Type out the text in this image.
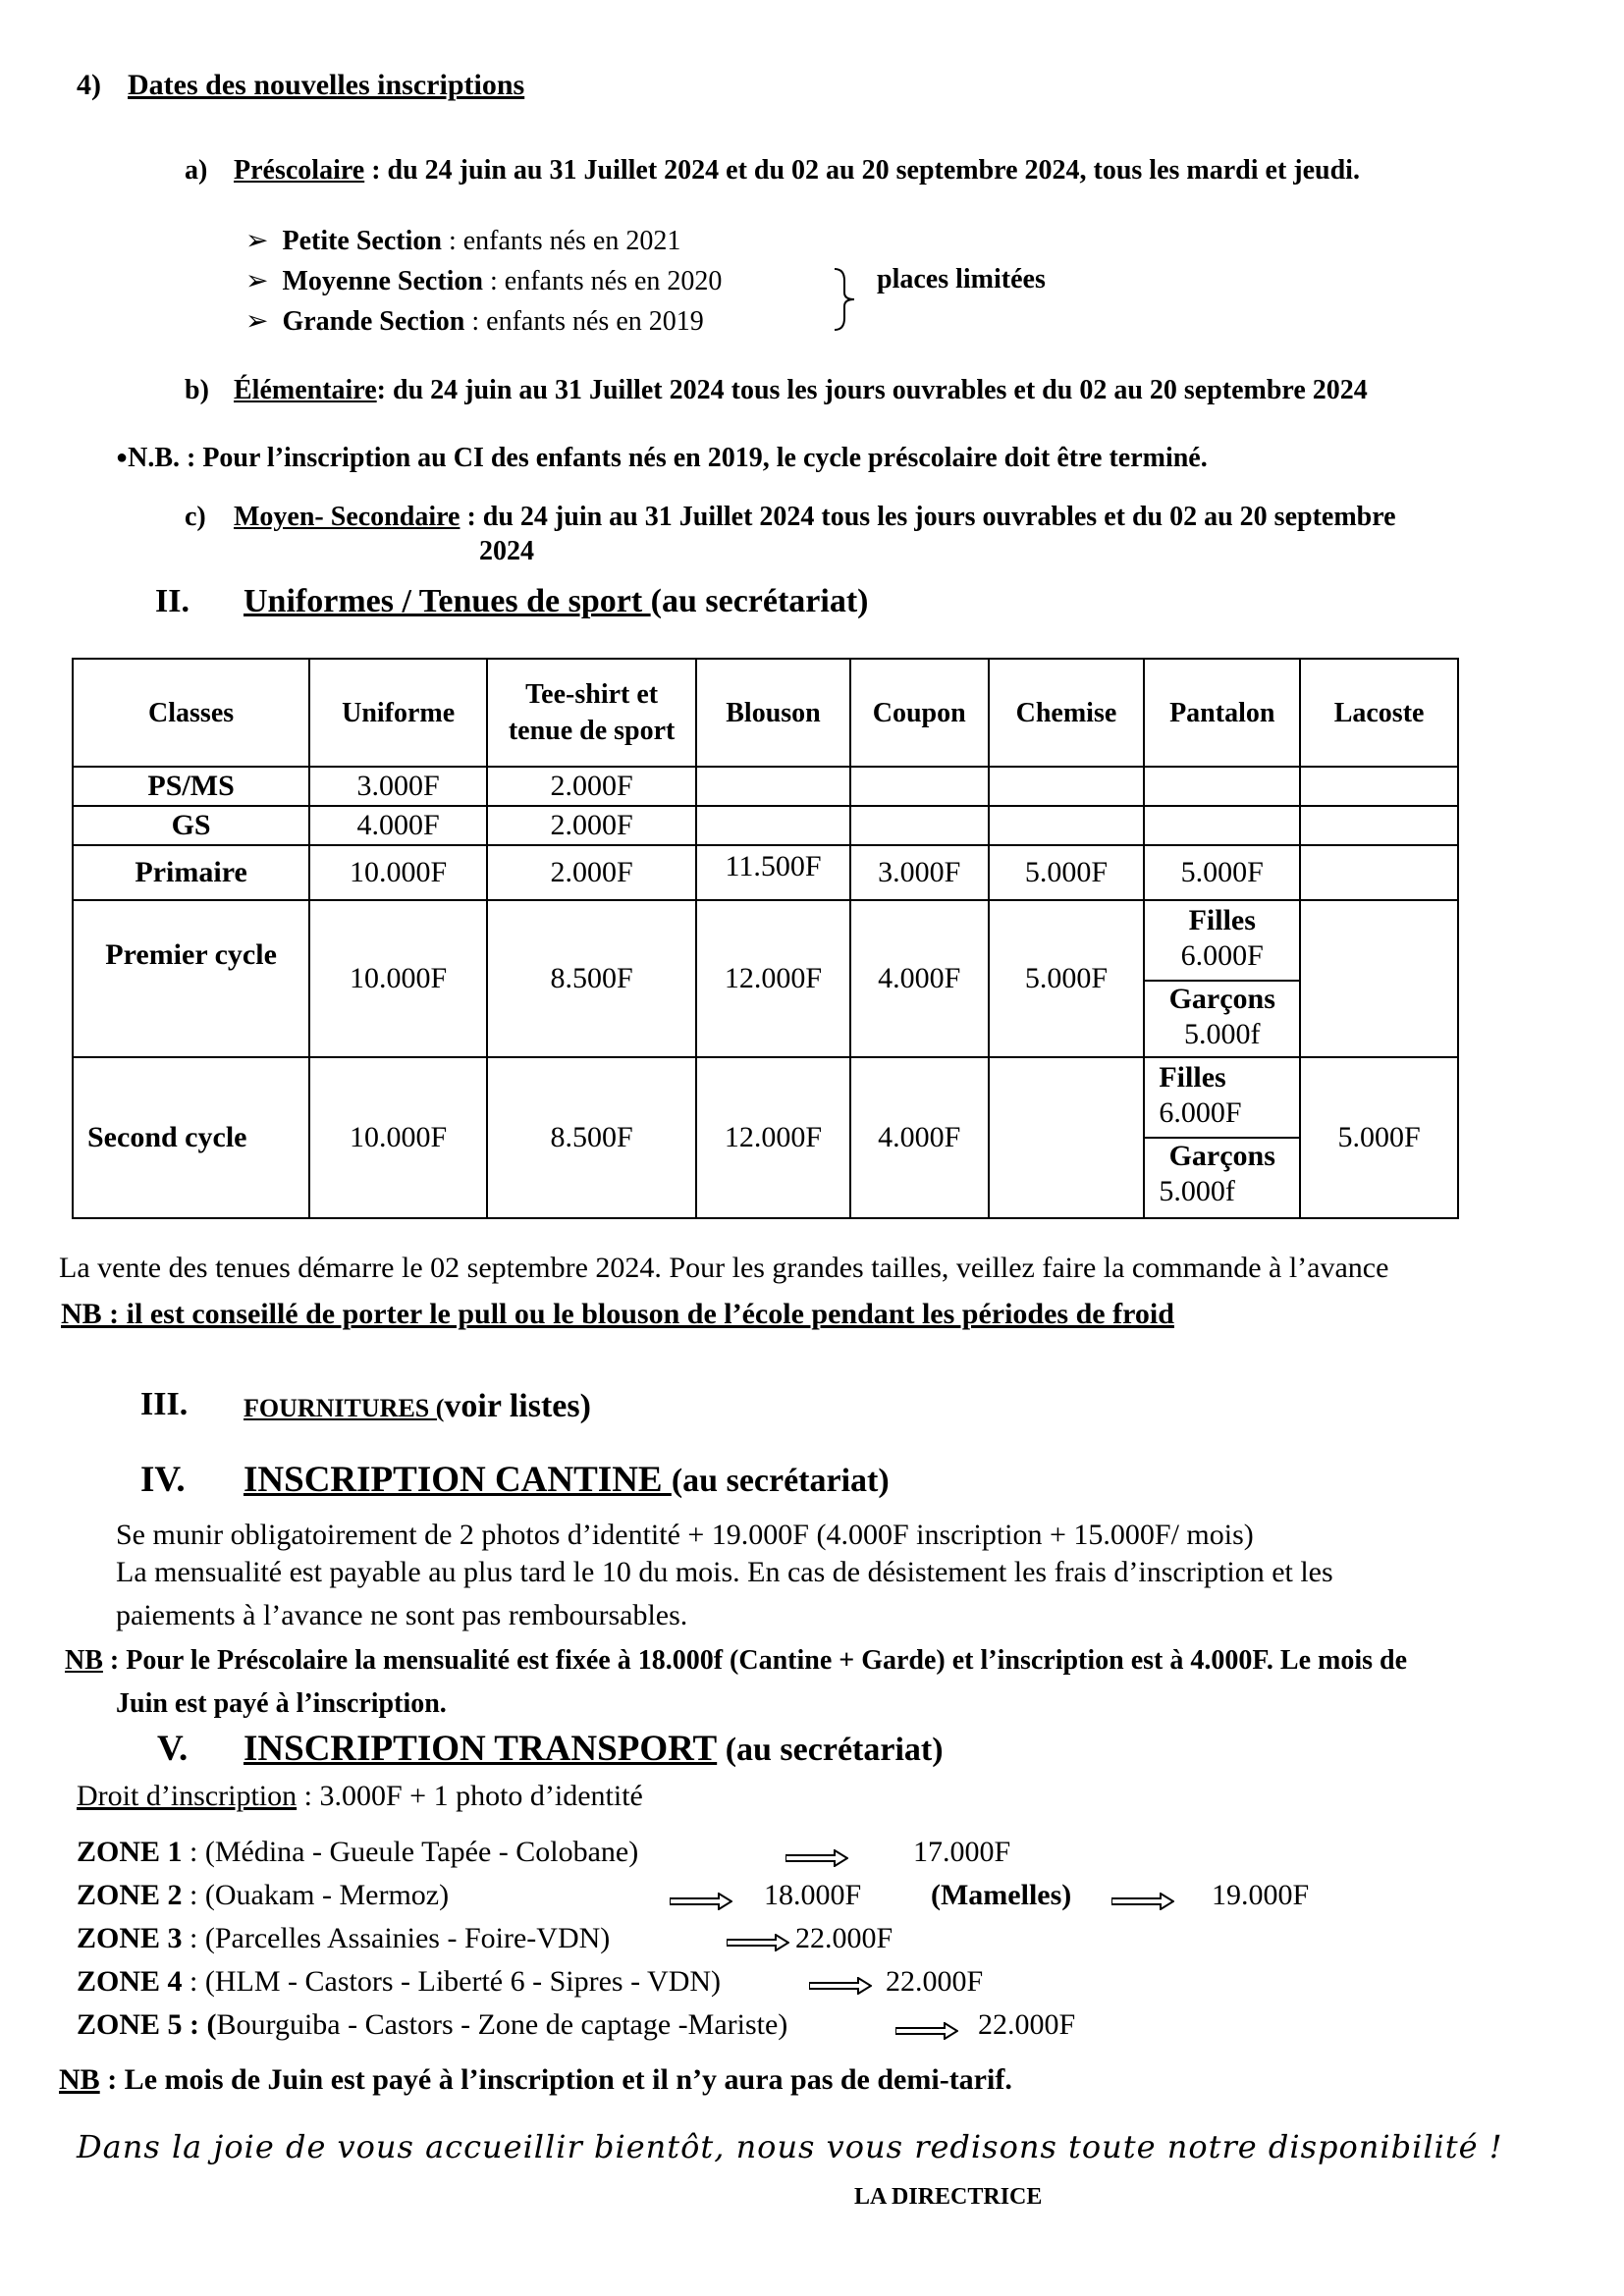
4) Dates des nouvelles inscriptions
a) Préscolaire : du 24 juin au 31 Juillet 2024 et du 02 au 20 septembre 2024, tous les mardi et jeudi.
➢ Petite Section : enfants nés en 2021
➢ Moyenne Section : enfants nés en 2020
➢ Grande Section : enfants nés en 2019
places limitées
b) Élémentaire: du 24 juin au 31 Juillet 2024 tous les jours ouvrables et du 02 au 20 septembre 2024
●N.B. : Pour l’inscription au CI des enfants nés en 2019, le cycle préscolaire doit être terminé.
c) Moyen- Secondaire : du 24 juin au 31 Juillet 2024 tous les jours ouvrables et du 02 au 20 septembre
2024
II. Uniformes / Tenues de sport (au secrétariat)
Classes	Uniforme	Tee-shirt et tenue de sport	Blouson	Coupon	Chemise	Pantalon	Lacoste
PS/MS	3.000F	2.000F					
GS	4.000F	2.000F					
Primaire	10.000F	2.000F	11.500F	3.000F	5.000F	5.000F	
Premier cycle	10.000F	8.500F	12.000F	4.000F	5.000F	Filles
6.000F
Garçons
5.000f	

Second cycle	10.000F	8.500F	12.000F	4.000F		Filles
6.000F
Garçons
5.000f	5.000F
La vente des tenues démarre le 02 septembre 2024. Pour les grandes tailles, veillez faire la commande à l’avance
NB : il est conseillé de porter le pull ou le blouson de l’école pendant les périodes de froid
III. FOURNITURES (voir listes)
IV. INSCRIPTION CANTINE (au secrétariat)
Se munir obligatoirement de 2 photos d’identité + 19.000F (4.000F inscription + 15.000F/ mois)
La mensualité est payable au plus tard le 10 du mois. En cas de désistement les frais d’inscription et les
paiements à l’avance ne sont pas remboursables.
NB : Pour le Préscolaire la mensualité est fixée à 18.000f (Cantine + Garde) et l’inscription est à 4.000F. Le mois de
Juin est payé à l’inscription.
V. INSCRIPTION TRANSPORT (au secrétariat)
Droit d’inscription : 3.000F + 1 photo d’identité
ZONE 1 : (Médina - Gueule Tapée - Colobane)	17.000F
ZONE 2 : (Ouakam - Mermoz)	18.000F (Mamelles)	19.000F
ZONE 3 : (Parcelles Assainies - Foire-VDN)	22.000F
ZONE 4 : (HLM - Castors - Liberté 6 - Sipres - VDN)	22.000F
ZONE 5 : (Bourguiba - Castors - Zone de captage -Mariste)	22.000F
NB : Le mois de Juin est payé à l’inscription et il n’y aura pas de demi-tarif.
Dans la joie de vous accueillir bientôt, nous vous redisons toute notre disponibilité !
LA DIRECTRICE
